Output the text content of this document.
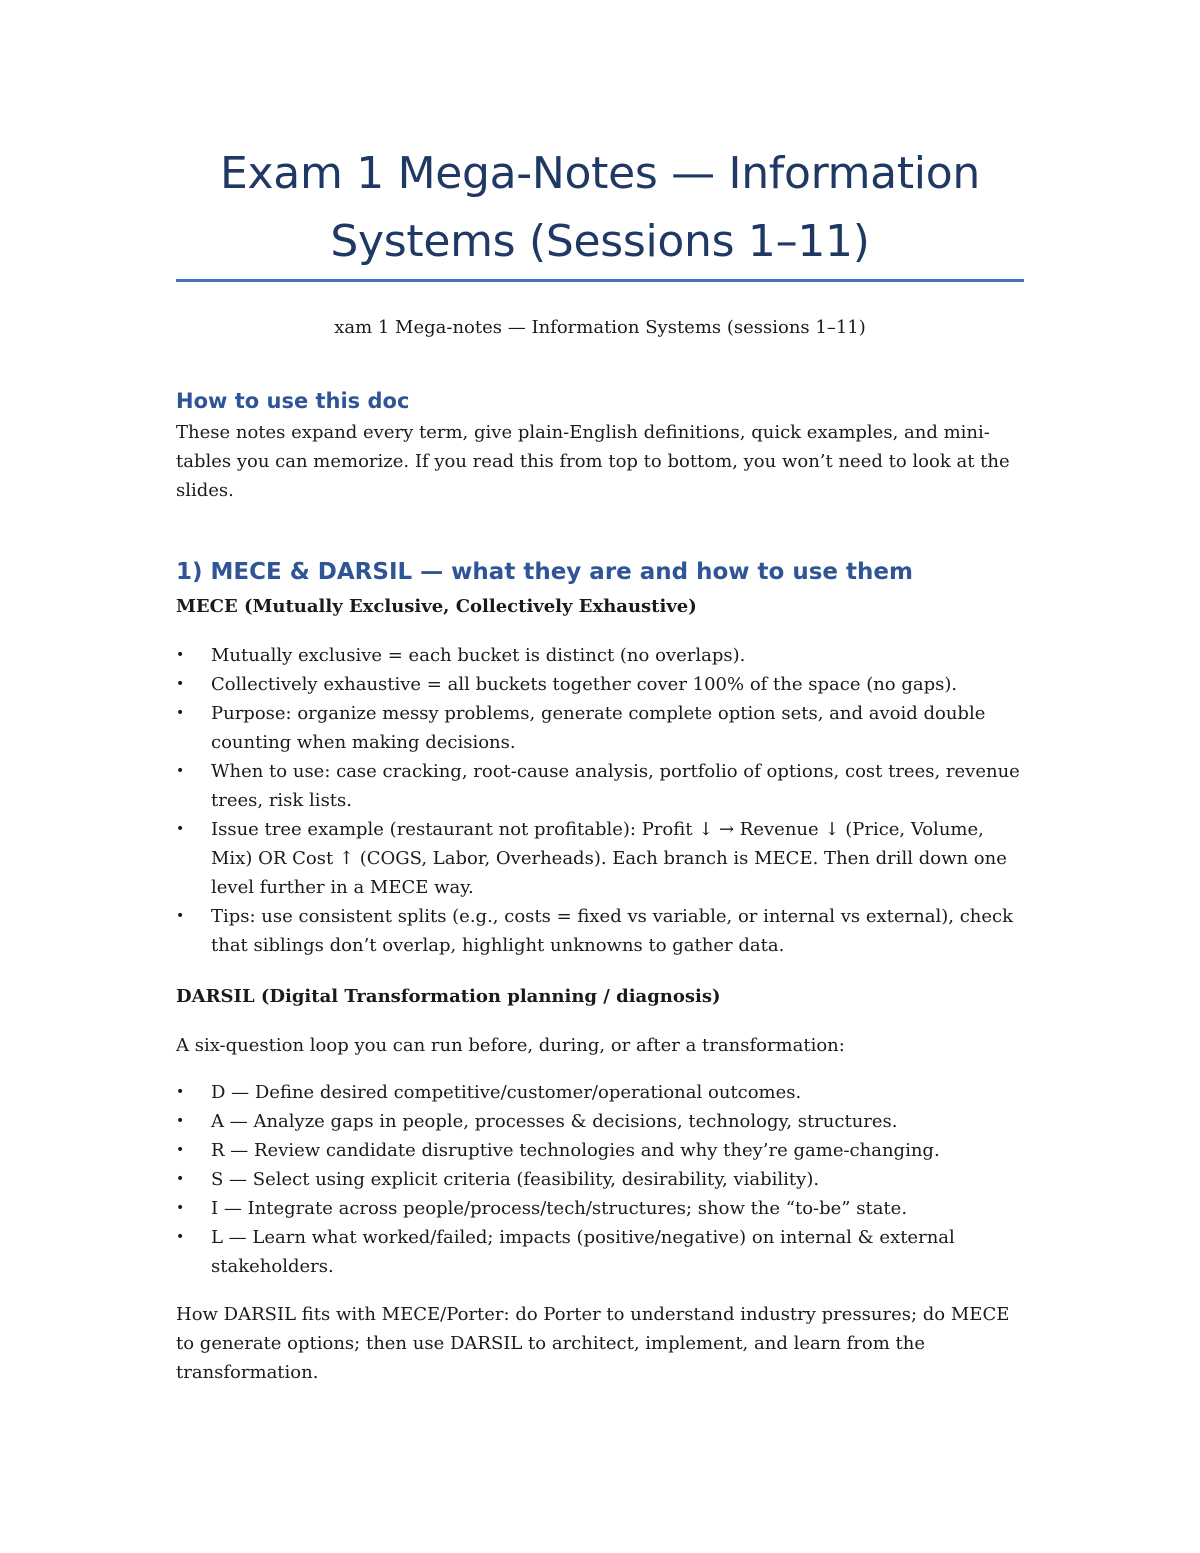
Exam 1 Mega-Notes — Information
Systems (Sessions 1–11)
xam 1 Mega-notes — Information Systems (sessions 1–11)
How to use this doc

These notes expand every term, give plain-English definitions, quick examples, and mini-tables you can memorize. If you read this from top to bottom, you won’t need to look at the slides.

1) MECE & DARSIL — what they are and how to use them
MECE (Mutually Exclusive, Collectively Exhaustive)
• Mutually exclusive = each bucket is distinct (no overlaps).
• Collectively exhaustive = all buckets together cover 100% of the space (no gaps).
• Purpose: organize messy problems, generate complete option sets, and avoid double counting when making decisions.
• When to use: case cracking, root-cause analysis, portfolio of options, cost trees, revenue trees, risk lists.
• Issue tree example (restaurant not profitable): Profit ↓ → Revenue ↓ (Price, Volume, Mix) OR Cost ↑ (COGS, Labor, Overheads). Each branch is MECE. Then drill down one level further in a MECE way.
• Tips: use consistent splits (e.g., costs = fixed vs variable, or internal vs external), check that siblings don’t overlap, highlight unknowns to gather data.
DARSIL (Digital Transformation planning / diagnosis)

A six-question loop you can run before, during, or after a transformation:

• D — Define desired competitive/customer/operational outcomes.
• A — Analyze gaps in people, processes & decisions, technology, structures.
• R — Review candidate disruptive technologies and why they’re game-changing.
• S — Select using explicit criteria (feasibility, desirability, viability).
• I — Integrate across people/process/tech/structures; show the “to-be” state.
• L — Learn what worked/failed; impacts (positive/negative) on internal & external stakeholders.

How DARSIL fits with MECE/Porter: do Porter to understand industry pressures; do MECE to generate options; then use DARSIL to architect, implement, and learn from the transformation.
